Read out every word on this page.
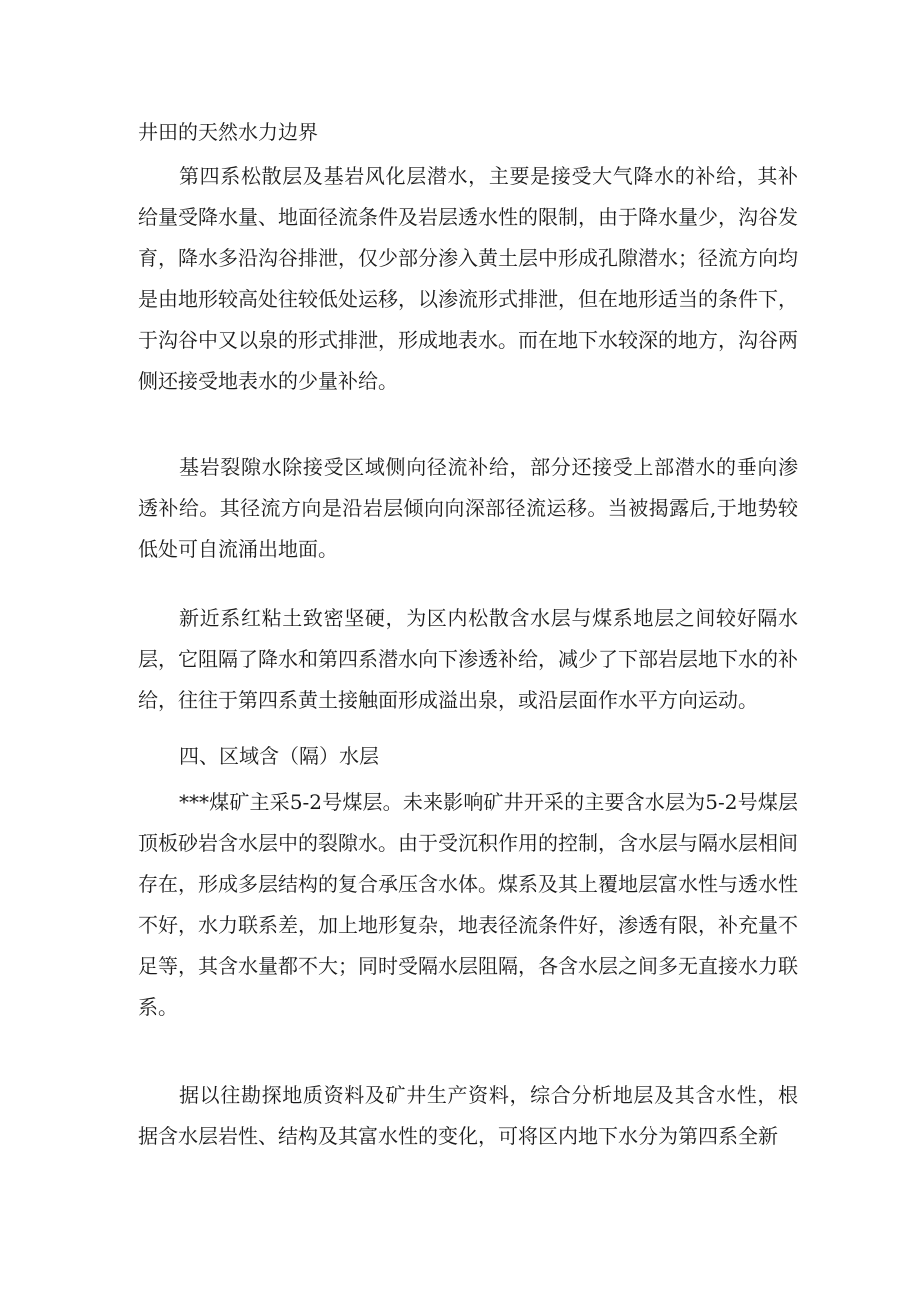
井田的天然水力边界

第四系松散层及基岩风化层潜水，主要是接受大气降水的补给，其补给量受降水量、地面径流条件及岩层透水性的限制，由于降水量少，沟谷发育，降水多沿沟谷排泄，仅少部分渗入黄土层中形成孔隙潜水；径流方向均是由地形较高处往较低处运移，以渗流形式排泄，但在地形适当的条件下，于沟谷中又以泉的形式排泄，形成地表水。而在地下水较深的地方，沟谷两侧还接受地表水的少量补给。

基岩裂隙水除接受区域侧向径流补给，部分还接受上部潜水的垂向渗透补给。其径流方向是沿岩层倾向向深部径流运移。当被揭露后,于地势较低处可自流涌出地面。

新近系红粘土致密坚硬，为区内松散含水层与煤系地层之间较好隔水层，它阻隔了降水和第四系潜水向下渗透补给，减少了下部岩层地下水的补给，往往于第四系黄土接触面形成溢出泉，或沿层面作水平方向运动。

四、区域含（隔）水层

***煤矿主采5-2号煤层。未来影响矿井开采的主要含水层为5-2号煤层顶板砂岩含水层中的裂隙水。由于受沉积作用的控制，含水层与隔水层相间存在，形成多层结构的复合承压含水体。煤系及其上覆地层富水性与透水性不好，水力联系差，加上地形复杂，地表径流条件好，渗透有限，补充量不足等，其含水量都不大；同时受隔水层阻隔，各含水层之间多无直接水力联系。

据以往勘探地质资料及矿井生产资料，综合分析地层及其含水性，根据含水层岩性、结构及其富水性的变化，可将区内地下水分为第四系全新
